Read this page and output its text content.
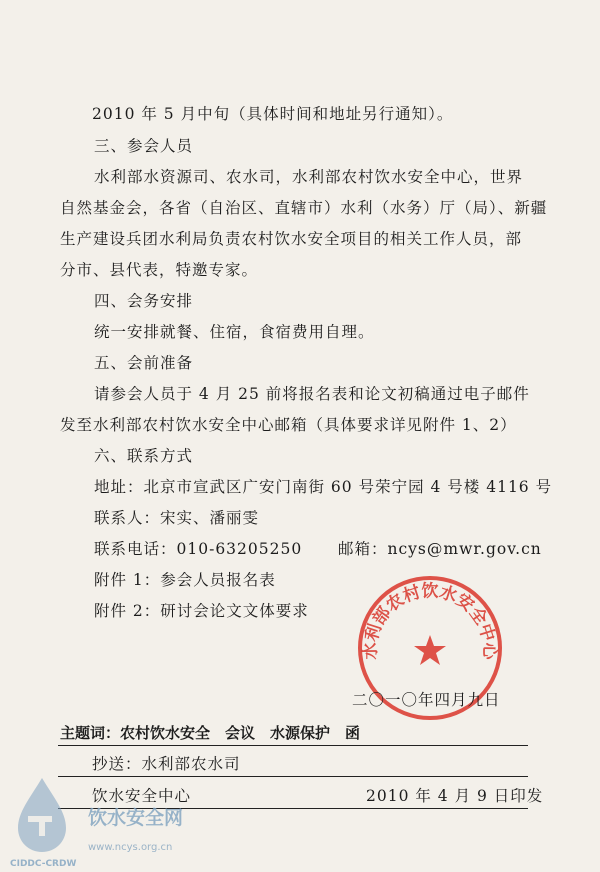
2010 年 5 月中旬（具体时间和地址另行通知）。
三、参会人员
水利部水资源司、农水司，水利部农村饮水安全中心，世界
自然基金会，各省（自治区、直辖市）水利（水务）厅（局）、新疆
生产建设兵团水利局负责农村饮水安全项目的相关工作人员，部
分市、县代表，特邀专家。
四、会务安排
统一安排就餐、住宿，食宿费用自理。
五、会前准备
请参会人员于 4 月 25 前将报名表和论文初稿通过电子邮件
发至水利部农村饮水安全中心邮箱（具体要求详见附件 1、2）
六、联系方式
地址：北京市宣武区广安门南街 60 号荣宁园 4 号楼 4116 号
联系人：宋实、潘丽雯
联系电话：010-63205250 邮箱：ncys@mwr.gov.cn
附件 1：参会人员报名表
附件 2：研讨会论文文体要求
水利部农村饮水安全中心
二〇一〇年四月九日
主题词：农村饮水安全　会议　水源保护　函
抄送：水利部农水司
饮水安全中心	2010 年 4 月 9 日印发
饮水安全网
CIDDC-CRDW
www.ncys.org.cn
